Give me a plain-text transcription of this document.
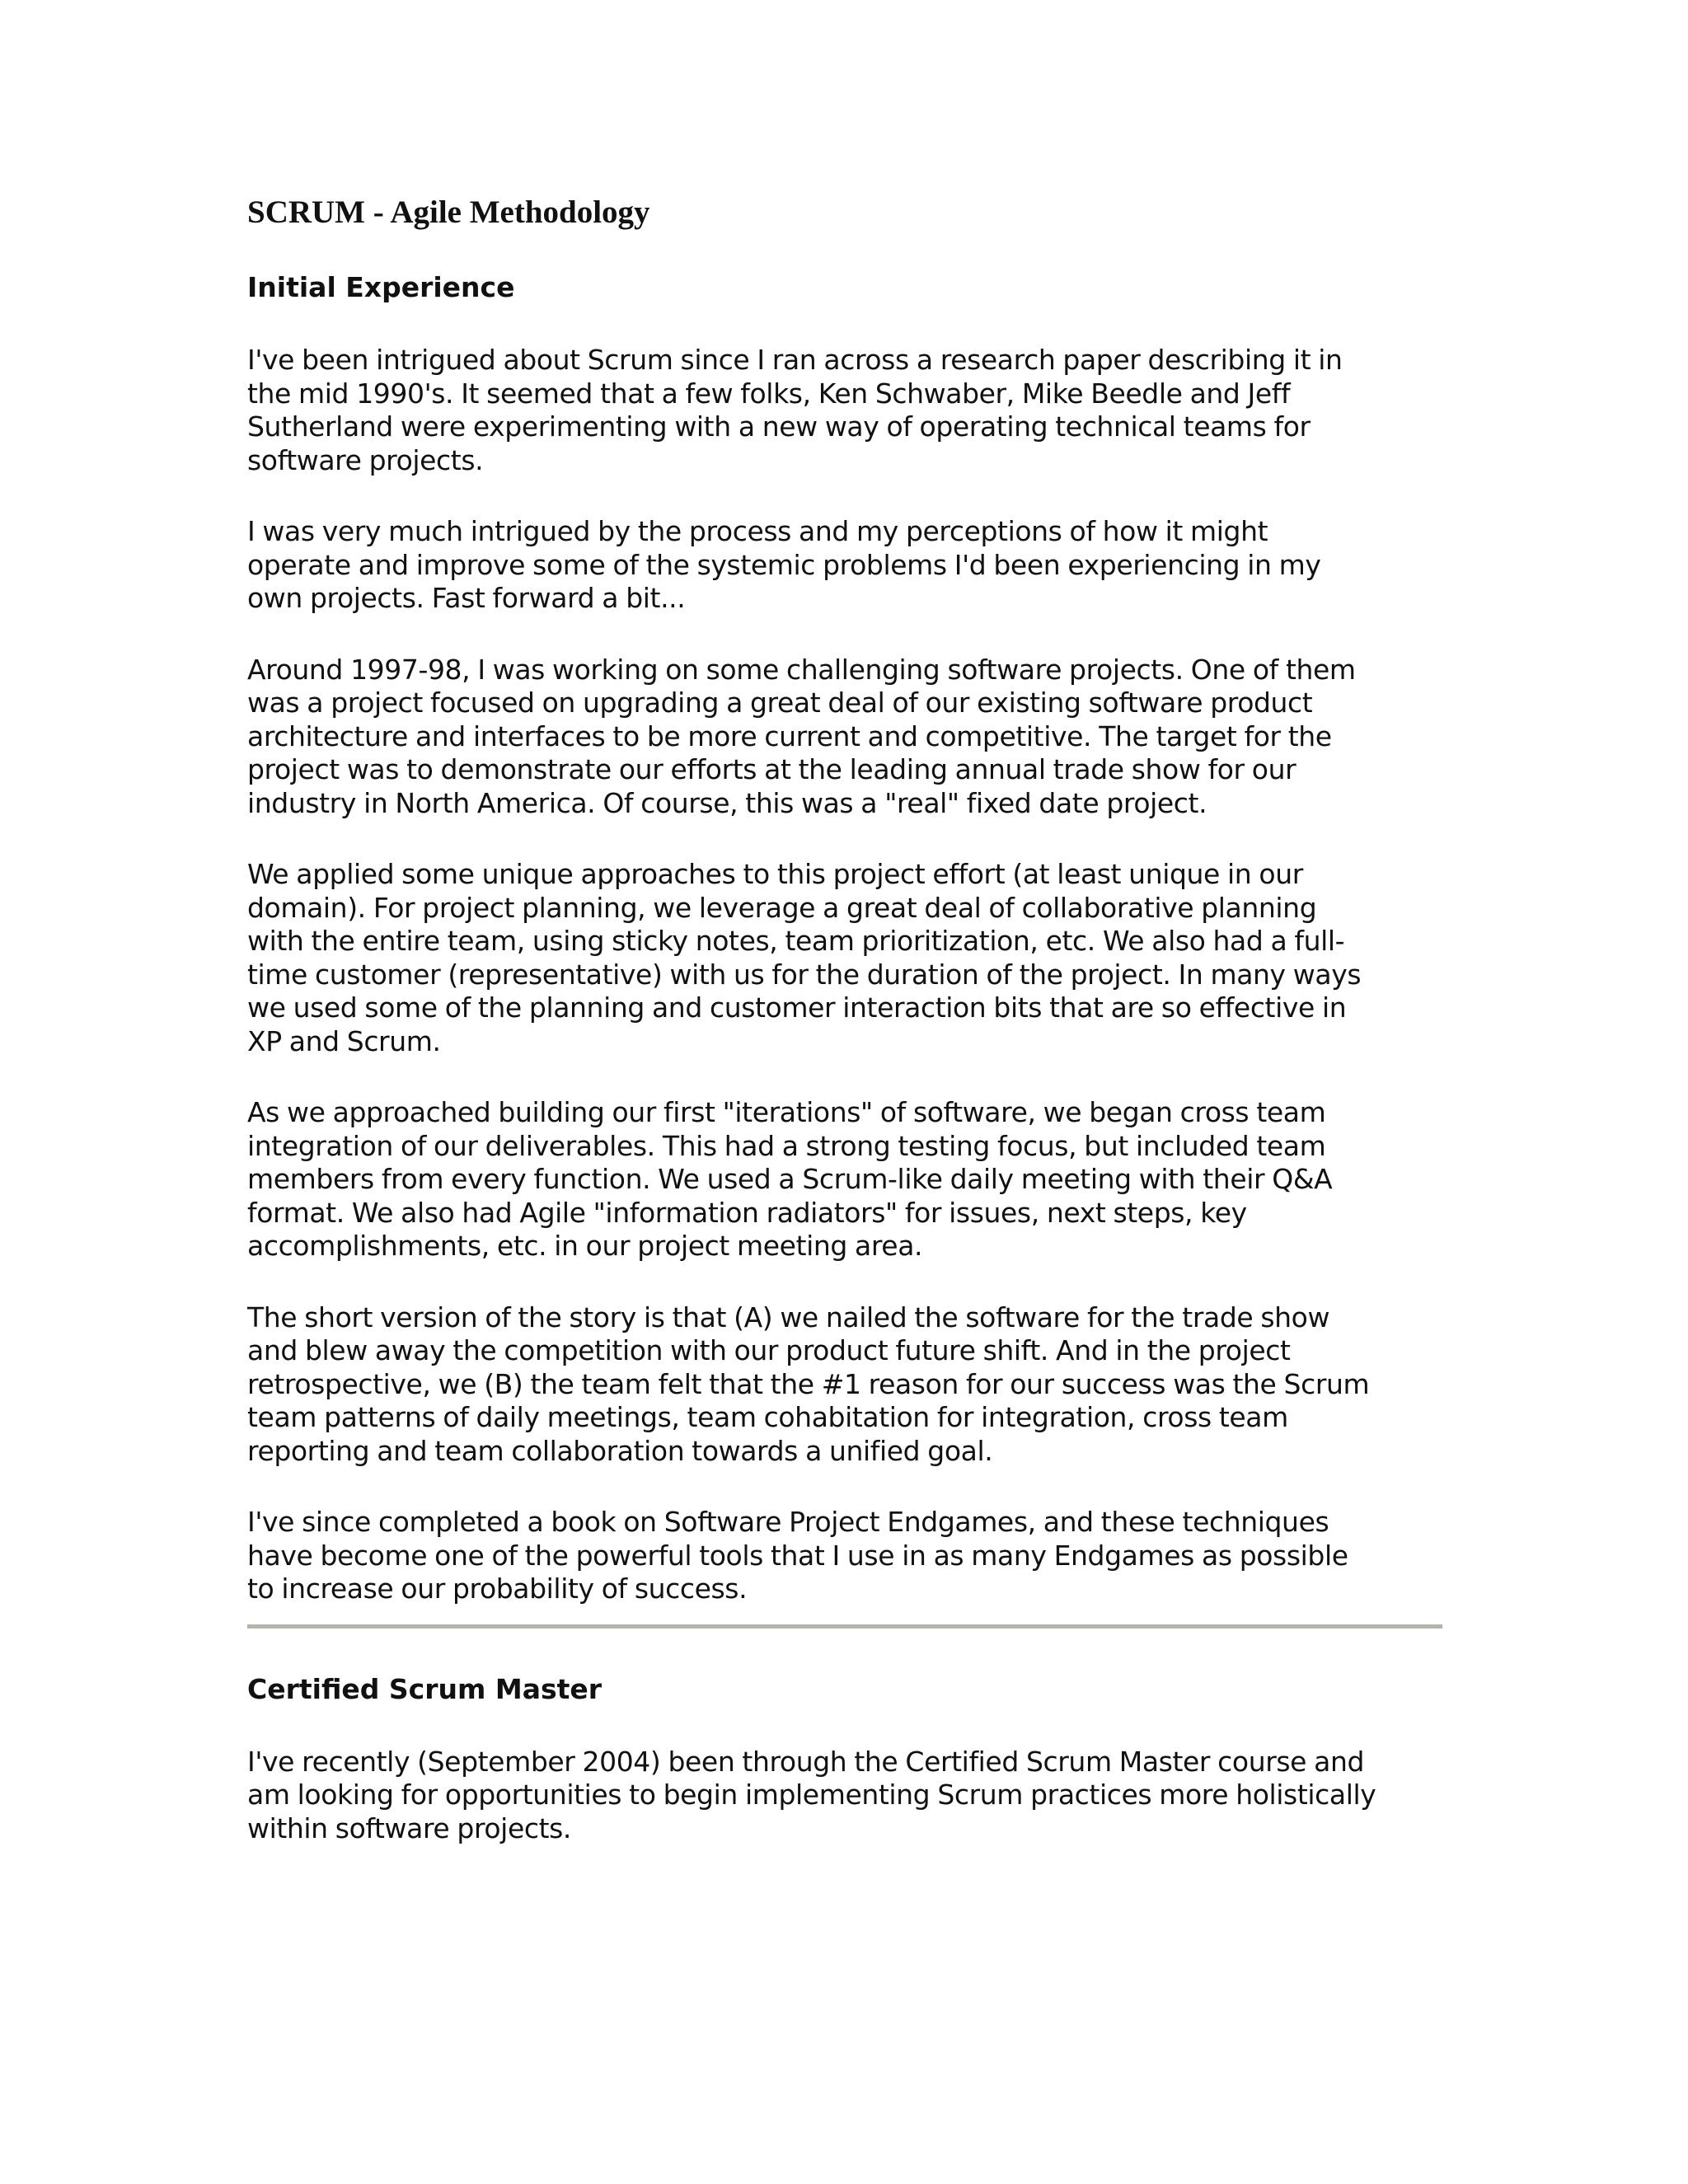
SCRUM - Agile Methodology
Initial Experience

I've been intrigued about Scrum since I ran across a research paper describing it in
the mid 1990's. It seemed that a few folks, Ken Schwaber, Mike Beedle and Jeff
Sutherland were experimenting with a new way of operating technical teams for
software projects.

I was very much intrigued by the process and my perceptions of how it might
operate and improve some of the systemic problems I'd been experiencing in my
own projects. Fast forward a bit...

Around 1997-98, I was working on some challenging software projects. One of them
was a project focused on upgrading a great deal of our existing software product
architecture and interfaces to be more current and competitive. The target for the
project was to demonstrate our efforts at the leading annual trade show for our
industry in North America. Of course, this was a "real" fixed date project.

We applied some unique approaches to this project effort (at least unique in our
domain). For project planning, we leverage a great deal of collaborative planning
with the entire team, using sticky notes, team prioritization, etc. We also had a full-
time customer (representative) with us for the duration of the project. In many ways
we used some of the planning and customer interaction bits that are so effective in
XP and Scrum.

As we approached building our first "iterations" of software, we began cross team
integration of our deliverables. This had a strong testing focus, but included team
members from every function. We used a Scrum-like daily meeting with their Q&A
format. We also had Agile "information radiators" for issues, next steps, key
accomplishments, etc. in our project meeting area.

The short version of the story is that (A) we nailed the software for the trade show
and blew away the competition with our product future shift. And in the project
retrospective, we (B) the team felt that the #1 reason for our success was the Scrum
team patterns of daily meetings, team cohabitation for integration, cross team
reporting and team collaboration towards a unified goal.

I've since completed a book on Software Project Endgames, and these techniques
have become one of the powerful tools that I use in as many Endgames as possible
to increase our probability of success.

Certified Scrum Master

I've recently (September 2004) been through the Certified Scrum Master course and
am looking for opportunities to begin implementing Scrum practices more holistically
within software projects.
